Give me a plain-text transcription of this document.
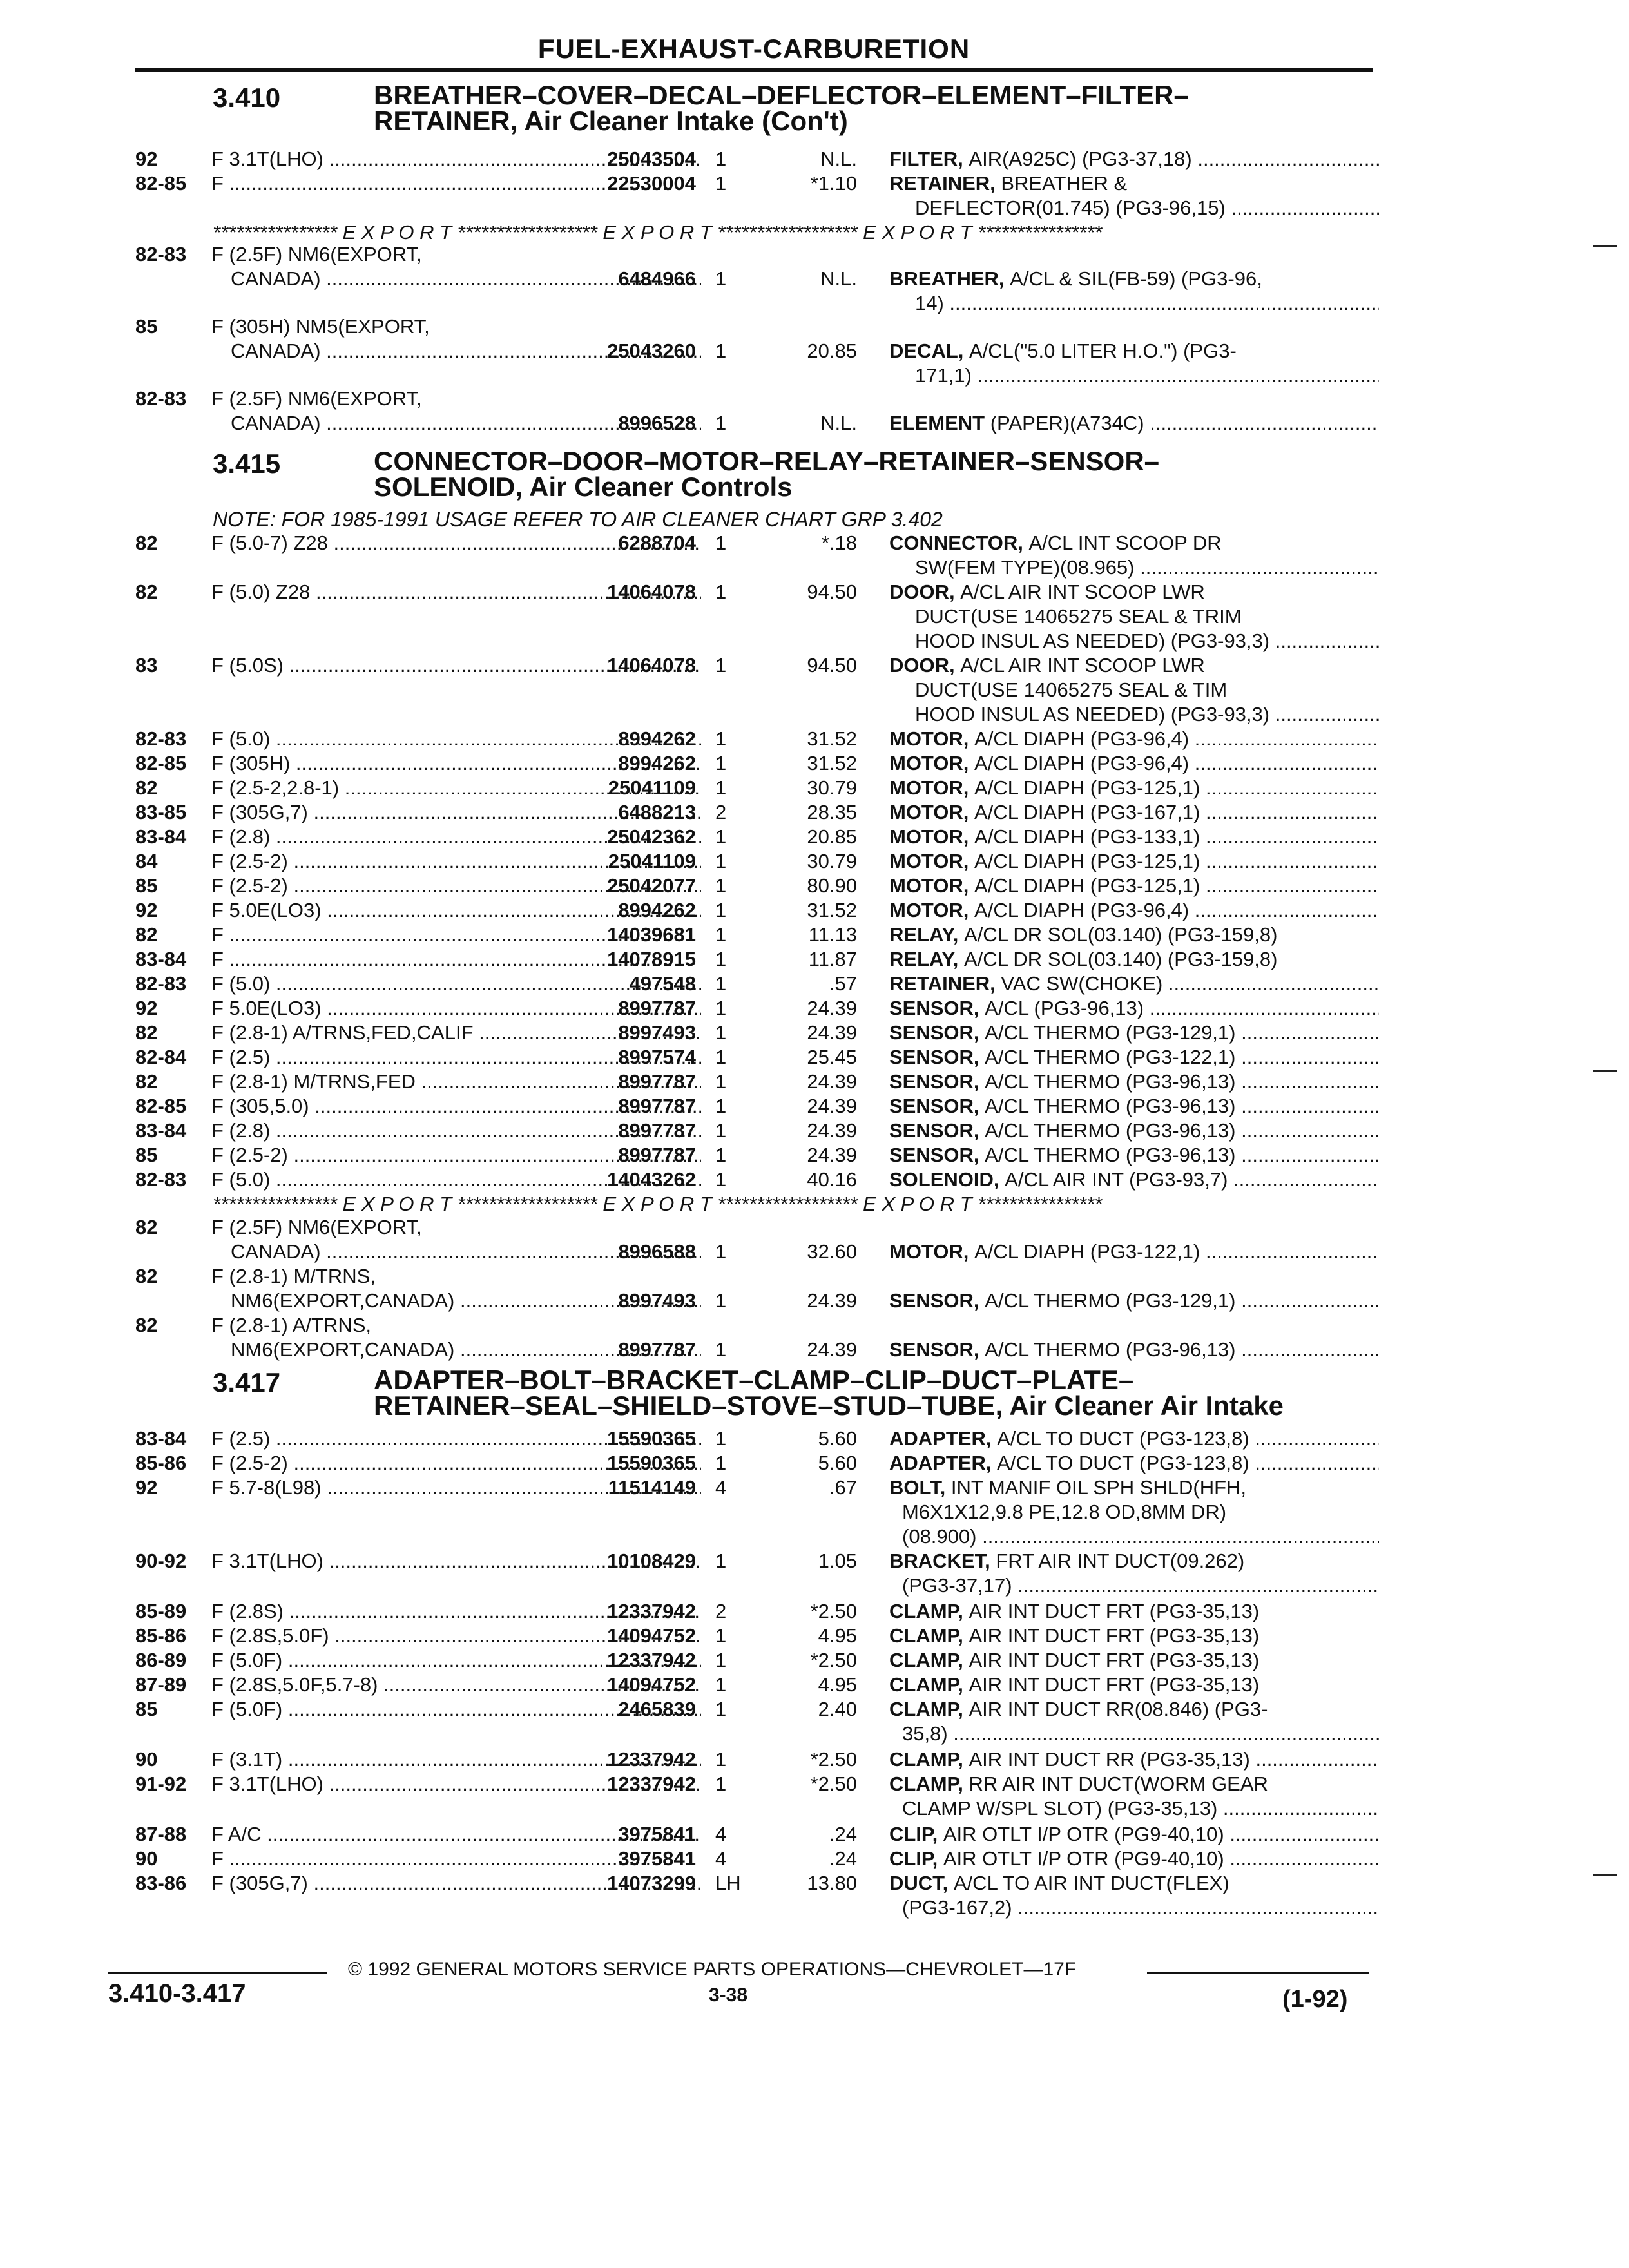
FUEL-EXHAUST-CARBURETION
3.410	BREATHER–COVER–DECAL–DEFLECTOR–ELEMENT–FILTER–
RETAINER, Air Cleaner Intake (Con't)
92	F 3.1T(LHO) .....	25043504 1	N.L. FILTER, AIR(A925C) (PG3-37,18) .....
82-85	F .....	22530004 1	*1.10 RETAINER, BREATHER &
DEFLECTOR(01.745) (PG3-96,15) .....
**************** E X P O R T ****************** E X P O R T ****************** E X P O R T ****************
82-83	F (2.5F) NM6(EXPORT,
CANADA) .....	6484966 1	N.L. BREATHER, A/CL & SIL(FB-59) (PG3-96,
14) .....
85	F (305H) NM5(EXPORT,
CANADA) .....	25043260 1	20.85 DECAL, A/CL("5.0 LITER H.O.") (PG3-
171,1) .....
82-83	F (2.5F) NM6(EXPORT,
CANADA) .....	8996528 1	N.L. ELEMENT (PAPER)(A734C) .....
3.415	CONNECTOR–DOOR–MOTOR–RELAY–RETAINER–SENSOR–
SOLENOID, Air Cleaner Controls
NOTE: FOR 1985-1991 USAGE REFER TO AIR CLEANER CHART GRP 3.402
82	F (5.0-7) Z28 .....	6288704 1	*.18 CONNECTOR, A/CL INT SCOOP DR
SW(FEM TYPE)(08.965) .....
82	F (5.0) Z28 .....	14064078 1	94.50 DOOR, A/CL AIR INT SCOOP LWR
DUCT(USE 14065275 SEAL & TRIM
HOOD INSUL AS NEEDED) (PG3-93,3) .....
83	F (5.0S) .....	14064078 1	94.50 DOOR, A/CL AIR INT SCOOP LWR
DUCT(USE 14065275 SEAL & TIM
HOOD INSUL AS NEEDED) (PG3-93,3) .....
82-83	F (5.0) .....	8994262 1	31.52 MOTOR, A/CL DIAPH (PG3-96,4) .....
82-85	F (305H) .....	8994262 1	31.52 MOTOR, A/CL DIAPH (PG3-96,4) .....
82	F (2.5-2,2.8-1) .....	25041109 1	30.79 MOTOR, A/CL DIAPH (PG3-125,1) .....
83-85	F (305G,7) .....	6488213 2	28.35 MOTOR, A/CL DIAPH (PG3-167,1) .....
83-84	F (2.8) .....	25042362 1	20.85 MOTOR, A/CL DIAPH (PG3-133,1) .....
84	F (2.5-2) .....	25041109 1	30.79 MOTOR, A/CL DIAPH (PG3-125,1) .....
85	F (2.5-2) .....	25042077 1	80.90 MOTOR, A/CL DIAPH (PG3-125,1) .....
92	F 5.0E(LO3) .....	8994262 1	31.52 MOTOR, A/CL DIAPH (PG3-96,4) .....
82	F .....	14039681 1	11.13 RELAY, A/CL DR SOL(03.140) (PG3-159,8)
83-84	F .....	14078915 1	11.87 RELAY, A/CL DR SOL(03.140) (PG3-159,8)
82-83	F (5.0) .....	497548 1	.57 RETAINER, VAC SW(CHOKE) .....
92	F 5.0E(LO3) .....	8997787 1	24.39 SENSOR, A/CL (PG3-96,13) .....
82	F (2.8-1) A/TRNS,FED,CALIF .....	8997493 1	24.39 SENSOR, A/CL THERMO (PG3-129,1) .....
82-84	F (2.5) .....	8997574 1	25.45 SENSOR, A/CL THERMO (PG3-122,1) .....
82	F (2.8-1) M/TRNS,FED .....	8997787 1	24.39 SENSOR, A/CL THERMO (PG3-96,13) .....
82-85	F (305,5.0) .....	8997787 1	24.39 SENSOR, A/CL THERMO (PG3-96,13) .....
83-84	F (2.8) .....	8997787 1	24.39 SENSOR, A/CL THERMO (PG3-96,13) .....
85	F (2.5-2) .....	8997787 1	24.39 SENSOR, A/CL THERMO (PG3-96,13) .....
82-83	F (5.0) .....	14043262 1	40.16 SOLENOID, A/CL AIR INT (PG3-93,7) .....
**************** E X P O R T ****************** E X P O R T ****************** E X P O R T ****************
82	F (2.5F) NM6(EXPORT,
CANADA) .....	8996588 1	32.60 MOTOR, A/CL DIAPH (PG3-122,1) .....
82	F (2.8-1) M/TRNS,
NM6(EXPORT,CANADA) .....	8997493 1	24.39 SENSOR, A/CL THERMO (PG3-129,1) .....
82	F (2.8-1) A/TRNS,
NM6(EXPORT,CANADA) .....	8997787 1	24.39 SENSOR, A/CL THERMO (PG3-96,13) .....
3.417	ADAPTER–BOLT–BRACKET–CLAMP–CLIP–DUCT–PLATE–
RETAINER–SEAL–SHIELD–STOVE–STUD–TUBE, Air Cleaner Air Intake
83-84	F (2.5) .....	15590365 1	5.60 ADAPTER, A/CL TO DUCT (PG3-123,8) .....
85-86	F (2.5-2) .....	15590365 1	5.60 ADAPTER, A/CL TO DUCT (PG3-123,8) .....
92	F 5.7-8(L98) .....	11514149 4	.67 BOLT, INT MANIF OIL SPH SHLD(HFH,
M6X1X12,9.8 PE,12.8 OD,8MM DR)
(08.900) .....
90-92	F 3.1T(LHO) .....	10108429 1	1.05 BRACKET, FRT AIR INT DUCT(09.262)
(PG3-37,17) .....
85-89	F (2.8S) .....	12337942 2	*2.50 CLAMP, AIR INT DUCT FRT (PG3-35,13)
85-86	F (2.8S,5.0F) .....	14094752 1	4.95 CLAMP, AIR INT DUCT FRT (PG3-35,13)
86-89	F (5.0F) .....	12337942 1	*2.50 CLAMP, AIR INT DUCT FRT (PG3-35,13)
87-89	F (2.8S,5.0F,5.7-8) .....	14094752 1	4.95 CLAMP, AIR INT DUCT FRT (PG3-35,13)
85	F (5.0F) .....	2465839 1	2.40 CLAMP, AIR INT DUCT RR(08.846) (PG3-
35,8) .....
90	F (3.1T) .....	12337942 1	*2.50 CLAMP, AIR INT DUCT RR (PG3-35,13) .....
91-92	F 3.1T(LHO) .....	12337942 1	*2.50 CLAMP, RR AIR INT DUCT(WORM GEAR
CLAMP W/SPL SLOT) (PG3-35,13) .....
87-88	F A/C .....	3975841 4	.24 CLIP, AIR OTLT I/P OTR (PG9-40,10) .....
90	F .....	3975841 4	.24 CLIP, AIR OTLT I/P OTR (PG9-40,10) .....
83-86	F (305G,7) .....	14073299 LH	13.80 DUCT, A/CL TO AIR INT DUCT(FLEX)
(PG3-167,2) .....
© 1992 GENERAL MOTORS SERVICE PARTS OPERATIONS—CHEVROLET—17F
3.410-3.417	3-38	(1-92)
